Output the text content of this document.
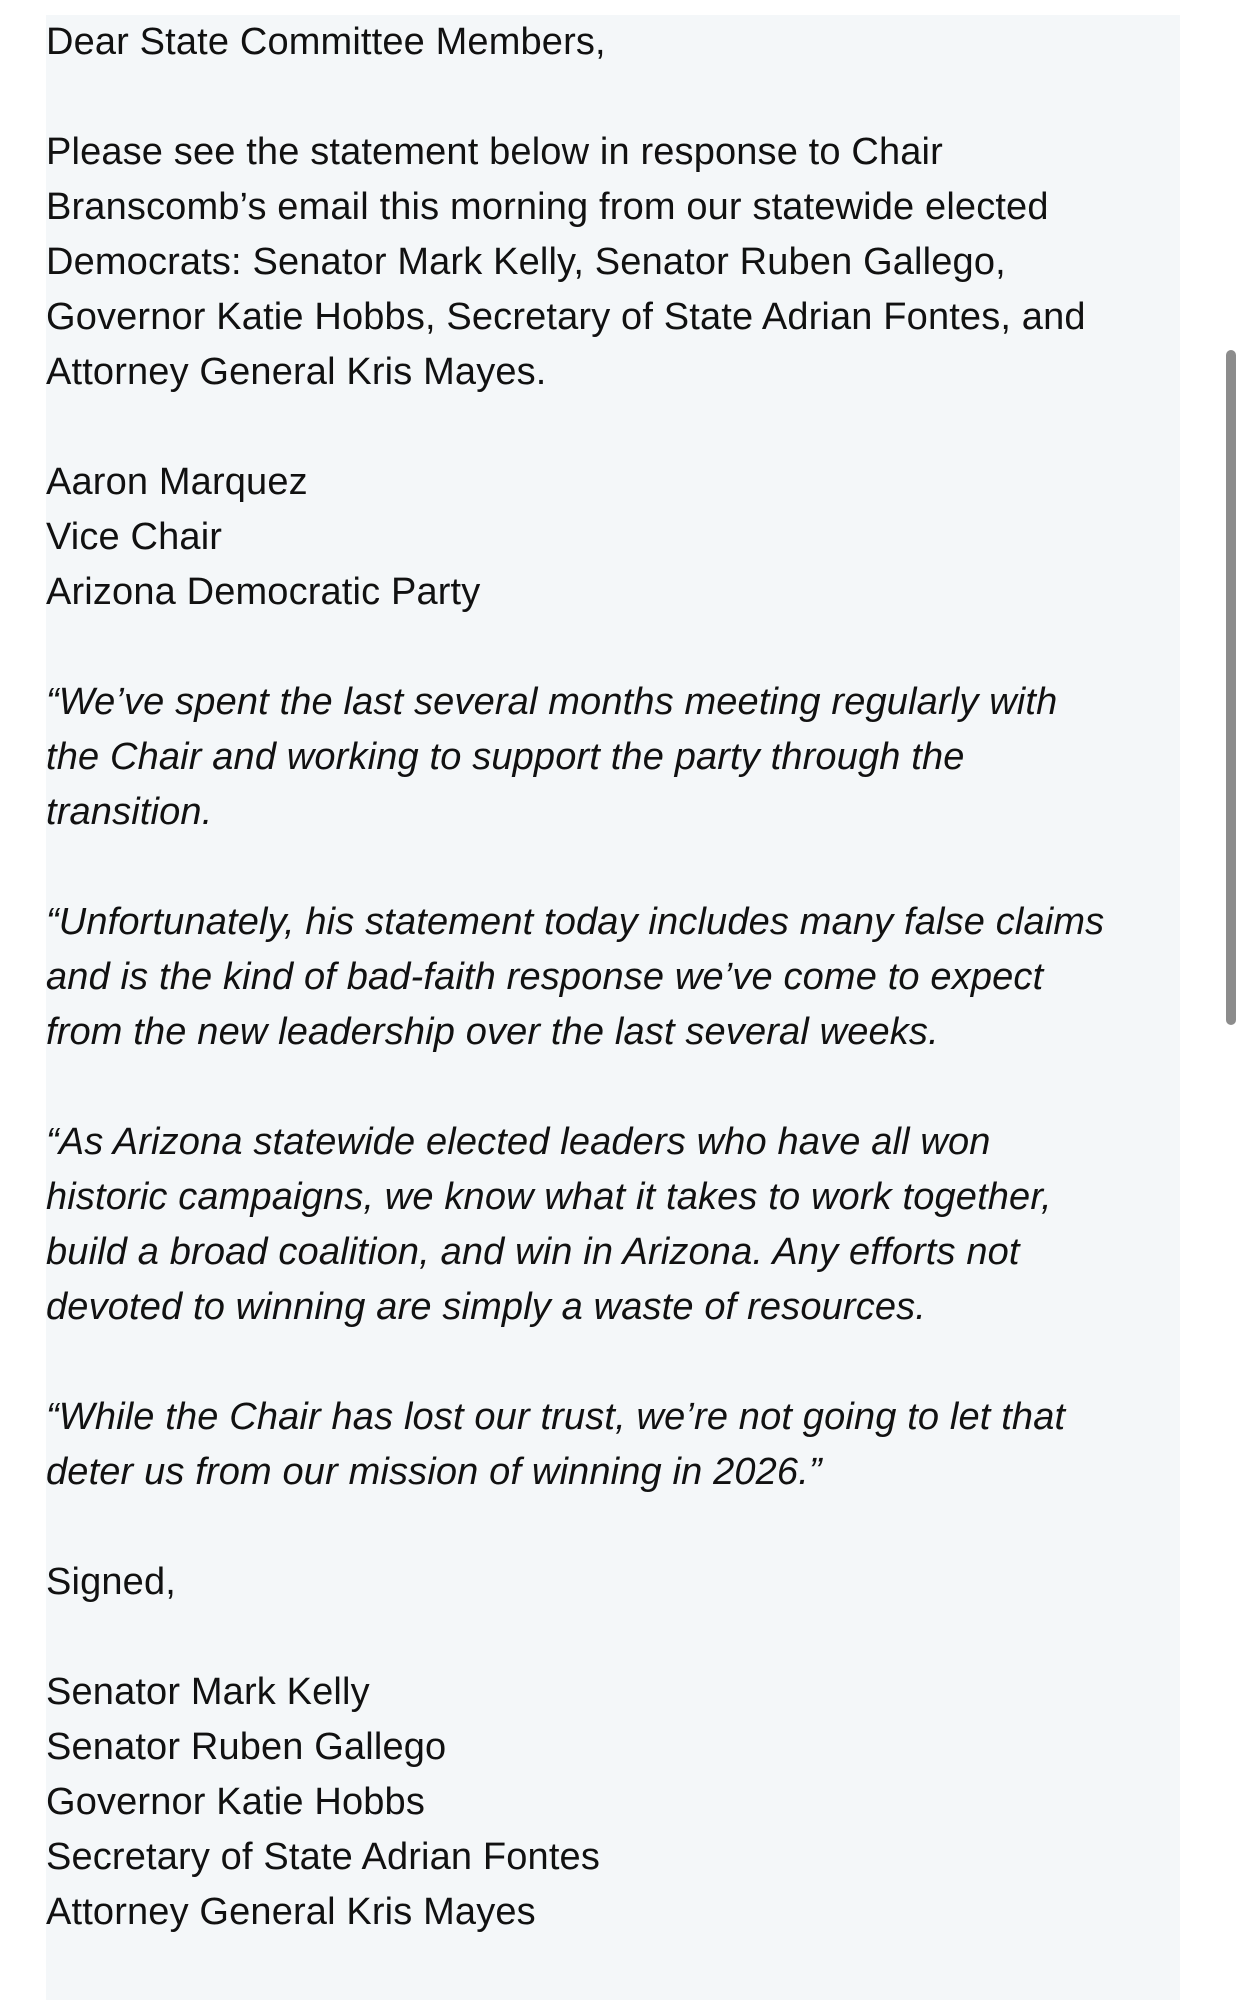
Dear State Committee Members,

Please see the statement below in response to Chair

Branscomb’s email this morning from our statewide elected

Democrats: Senator Mark Kelly, Senator Ruben Gallego,

Governor Katie Hobbs, Secretary of State Adrian Fontes, and

Attorney General Kris Mayes.

Aaron Marquez

Vice Chair

Arizona Democratic Party

“We’ve spent the last several months meeting regularly with

the Chair and working to support the party through the

transition.

“Unfortunately, his statement today includes many false claims

and is the kind of bad-faith response we’ve come to expect

from the new leadership over the last several weeks.

“As Arizona statewide elected leaders who have all won

historic campaigns, we know what it takes to work together,

build a broad coalition, and win in Arizona. Any efforts not

devoted to winning are simply a waste of resources.

“While the Chair has lost our trust, we’re not going to let that

deter us from our mission of winning in 2026.”

Signed,

Senator Mark Kelly

Senator Ruben Gallego

Governor Katie Hobbs

Secretary of State Adrian Fontes

Attorney General Kris Mayes
